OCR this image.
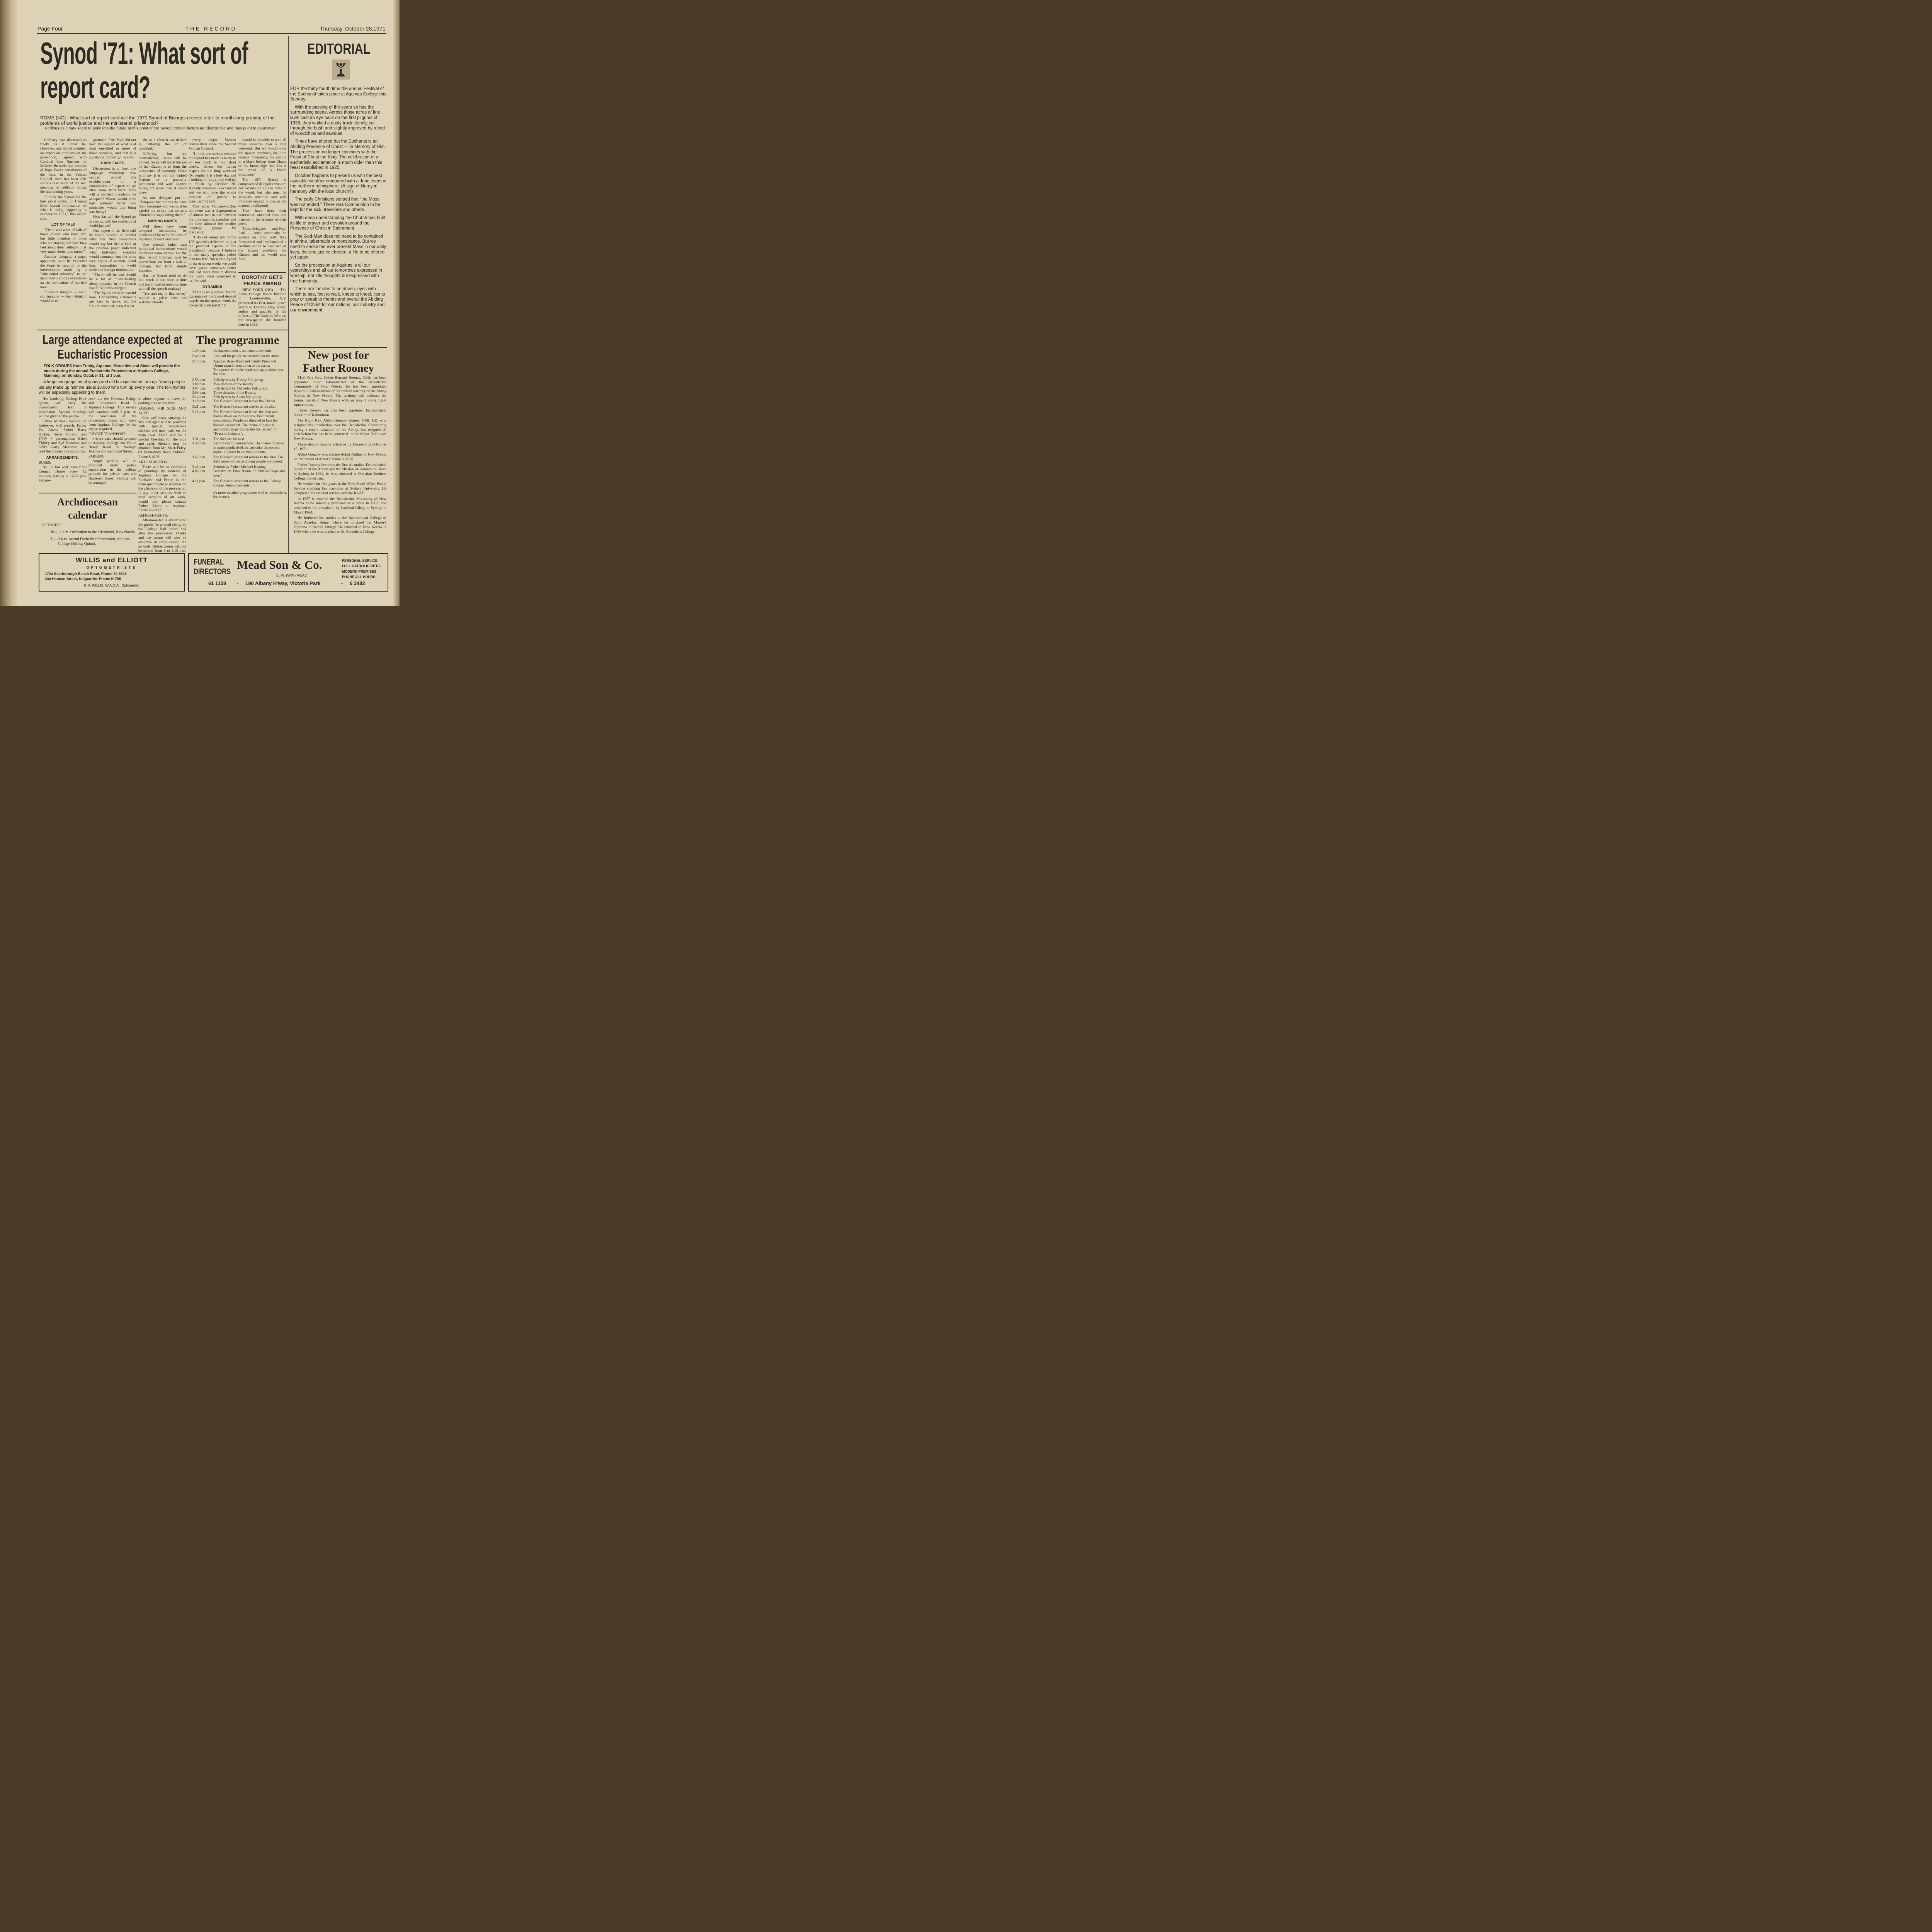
Page Four	THE RECORD	Thursday, October 28,1971
Synod '71: What sort of
report card?
ROME (NC) : What sort of report card will the 1971 Synod of Bishops receive after its month-long probing of the problems of world justice and the ministerial priesthood?
Perilous as it may seem to poke into the future at this point of the Synod, certain factors are discernible and may point to an answer.

Celibacy was discussed as freely as it could be. However, one Synod member, an expert on problems of the priesthood, agreed with Cardinal Leo Suenens of Malines-Brussels that because of Pope Paul's curtailment of the issue in the Vatican Council, there has been little serious discussion of the real meaning of celibacy during the intervening years.

"I think the Synod did the best job it could, but I found little factual information on what is really happening to celibacy in 1971," this expert said.

LOT OF TALK

"There was a lot of talk of those priests who have left, but little mention of those who are staying and how they feel about their celibacy. It is very much theirs, you know."

Another delegate, a papal appointee, said he expected the Pope to respond to the interventions made by a "substantial minority" to set up at least a study commission on the ordination of married men.

"I cannot imagine — well, can imagine — but I think it would be re-

grettable if the Pope did not heed the request of what is at least one-third or more of those speaking, and that is a substantial minority," he said.

HARD FACTS

Discussion in at least one language workshop was centred around the establishment of a commission of experts to go after some hard facts: How will a married priesthood be accepted? Where would it be best utilised? What new ministries would this bring into being?

How far will the Synod go in coping with the problems of world justice?

One expert in the field said he would hesitate to predict what the final resolutions would say but that a look at the position paper indicated what individual speakers would comment on: the arms race, rights of women, racial bias, inequalities of world trade and foreign domination.

"There will be and should be a lot of breast-beating about injustice in the Church itself," said this delegate.

"The Synod must be careful here. Hard-hitting statements are easy to make, but the Church must ask herself what

she as a Church can deliver in bettering the lot of mankind."

Differing, but not contradictory, issues will be voiced. Some will insist the job of the Church is to form the conscience of humanity. Other will say it is not the United Nations or a powerful parliament and warn against biting off more than it could chew.

As one delegate put it: "Temporal institutions do have their autonomy and we must be careful not to say that we as a Church are supplanting them."

NAMING NAMES

Will those very same temporal institutions be condemned by name for acts of injustice, present and past?

One synodal father said individual interventions would doubtless name names, but the final Synod findings must be above that, not from a lack of courage, but from simple logistics.

Has the Synod tried to do too much in too short a time and has it wasted precious time with all the speech-making?

"Yes and no, in that order," replied a priest who has watched closely

every major Vatican convocation since the Second Vatican Council.

"I think one serious mistake the Synod has made is to try to do too much in four short weeks. Given the Italian respect for the long weekend (November 1 is a holy day and a holiday in Italy), they will try to finish by October 30. Already, everyone is exhausted and we still have the whole problem of justice to consider," he said.

This same Vatican-watcher felt there was a disproportion of almost two to one between the time spent in speeches and the time allowed the smaller language groups for discussion.

"I do not resent any of the 125 speeches delivered on just the practical aspects of the priesthood, because I believe in too many speeches rather than too few. But with a Synod of six or seven weeks we could have paced ourselves better and had more time to discuss the many ideas proposed to us," he said.

DYNAMICS

There is no question that the dynamics of the Synod depend largely on the spoken word. As one participant put it: "It

would be possible to read all those speeches over a long weekend. But we would miss the spoken emphasis, the little nuance of urgency, the picture of a black bishop from Ghana or the knowledge that this is the mind of a Dutch missioner."

The 1971 Synod is composed of delegates who are not experts on all the evils in the world, but who must be seriously attentive and well informed enough to discuss the matters intelligently.

They have done their homework, attended class and listened to the lectures of their peers.

These delegates — and Pope Paul — must eventually be graded on how well they formulated and implemented a credible action to ease two of the largest problems the Church and the world now face.

DOROTHY GETS PEACE AWARD

NEW YORK (NC) — The Siena College Peace Institute in Londonsville, N.Y. presented its first annual peace award to Dorothy Day, editor, author and pacifist, at the offices of The Catholic Worker, the newspaper she founded here in 1933.

EDITORIAL

FOR the thirty-fourth time the annual Festival of the Eucharist takes place at Aquinas College this Sunday.

With the passing of the years so has the surrounding scene. Across those acres of fine lawn cast an eye back on the first pilgrims of 1938; they walked a dusty track literally cut through the bush and slightly improved by a bed of woodchips and sawdust.

Times have altered but the Eucharist is an Abiding Presence of Christ — in Memory of Him. The procession no longer coincides with the Feast of Christ the King. The celebration of a eucharistic acclamation is much older than this feast established in 1925.

October happens to present us with the best available weather compared with a June event in the northern hemisphere. (A sign of liturgy in harmony with the local church?)

The early Christians sensed that "the Mass was not ended." There was Communion to be kept for the sick, travellers and others.

With deep understanding the Church has built its life of prayer and devotion around the Presence of Christ in Sacrament.

The God-Man does not need to be contained in shrine, tabernacle or monstrance. But we need to sense the ever present Mass in our daily lives, the one just celebrated, a life to be offered yet again.

So the procession at Aquinas is all our yesterdays and all our tomorrows expressed in worship, not idle thoughts but expressed with true humanity.

There are families to be driven, eyes with which to see, feet to walk, knees to kneel, lips to pray or speak to friends and overall the Abiding Peace of Christ for our nations, our industry and our environment.

Large attendance expected at
Eucharistic Procession
FOLK GROUPS from Trinity, Aquinas, Mercedes and Siena will provide the music during the annual Eucharistic Procession at Aquinas College, Manning, on Sunday, October 31, at 3 p.m.
A large congregation of young and old is expected to turn up. Young people usually make up half the usual 10,000 who turn up every year. The folk hymns will be especially appealing to them.

His Lordship, Bishop Peter Quinn, will carry the consecrated Host in procession. Special blessings will be given to the people.

Father Michael Keating, of Cottesloe, will preach. Father Pat Ahern, Father Barry Hickey, Sister Goretti, and TVW 7 personalities Brien Thirley and Syd Donovan and 6PR's Garry Meadows will read the prayers and scriptures.

ARRANGEMENTS:
BUSES:

No. 36 bus will leave from Council House every 12 mniutes, starting at 12.40 p.m. and pro-

ceed via the Narrows Bridge and Labouchere Road to Aquinas College. This service will continue until 3 p.m. At the conclusion of the procession, buses will leave from Aquinas College for the city as required.

PRIVATE TRANSPORT:

Private cars should proceed to Aquinas College via Mount Henry Road or Welwyn Avenue and Redmond Street.

PARKING:

Ample parking will be provided under police supervision in the college grounds for private cars and chartered buses. Parking will be arranged

to allow anyone to leave the parking area at any time.

PARKING FOR SICK AND AGED:

Cars and buses carrying the sick and aged will be provided with special windscreen stickers and may park on the main oval. There will be a special blessing for the sick and aged. Stickers may be obtained from Mr. Mark Foley, 83 Heytesbury Road, Subiaco. Phone 8-4105.

ART EXHIBITION:

There will be an exhibition of paintings by students of Aquinas College on the Eucharist and Peace in the main quadrangle at Aquinas on the afternoon of the procession. If any other schools wish to send samples of art work, would they please contact Father Ahern at Aquinas. Phone 60-2112.

REFRESHMENTS:

Afternoon tea is available to the public for a small charge in the College Hall before and after the procession. Drinks and ice cream will also be available in stalls around the grounds. Refreshments will not be served from 3 to 4.15 p.m.

The programme
1.30 p.m.	Background music and announcements.
2.40 p.m.	Last call for people to assemble on the arena.
2.45 p.m.	Aquinas Brass Band and Trinity Pipes and Drums march from down to the arena. Trumpeters from the band take up position near the altar.
2.55 p.m.	Folk hymns by Trinity folk group.
3.00 p.m.	Two decades of the Rosary.
3.04 p.m.	Folk hymns by Mercedes folk group.
3.09 p.m.	Three decades of the Rosary.
3.14 p.m.	Folk hymns by Siena folk group.
3.18 p.m.	The Blessed Sacrament leaves the Chapel.
3.21 p.m.	The Blessed Sacrament arrives at the altar.
3.26 p.m.	The Blessed Sacrament leaves the altar and moves down on to the arena. First circuit commences. People are directed to face the blessed sacrament. The theme of peace is announced, in particular the first aspect of "Peace in Industry".
3.31 p.m.	The Sick are blessed.
3.36 p.m.	Second circuit commences. The theme of peace is again emphasised, in particular the second aspect of peace in the environment.
3.42 p.m.	The Blessed Sacrament returns to the altar. The third aspect of peace among people is stressed.
3.48 p.m.	Sermon by Father Michael Keating.
4.03 p.m.	Benediction. Final Hymn "In faith and hope and love."
4.11 p.m.	The Blessed Sacrament returns to the College Chapel. Announcements.
(A more detailed programme will be available at the venue).
New post for
Father Rooney

THE Very Rev. Father Bernard Rooney, OSB, has been appointed Prior Administrator of the Benedictine Community of New Norcia. He has been appointed Apostolic Administrator of the revised territory of the Abbey Nullius of New Norcia. The territory will embrace the former parish of New Norcia with an area of some 1,600 square miles.

Father Rooney has also been appointed Ecclesiastical Superior of Kalumburu.

The Right Rev. Abbot Gregory Gomez, OSB, DD, who resigned his jurisdiction over the Benedictine Community during a recent visitation of the Abbey, has resigned all jurisdiction but has been conferred titular Abbot Nullius of New Norcia.

These details became effective by Decree from October 15, 1971.

Abbot Gregory was elected Abbot Nullius of New Norcia on retirement of Abbot Catalan in 1950.

Father Rooney becomes the first Australian Ecclesiastical Superior of the Abbey and the Mission of Kalumburu. Born in Sydney in 1934, he was educated at Christian Brothers College, Lewisham.

He worked for five years in the New South Wales Public Service studying law part-time at Sydney University. He completed his national service with the RAAF.

In 1957 he entered the Benedictine Monastery of New Norcia to be solemnly professed as a monk in 1962, and ordained to the priesthood by Cardinal Gilroy in Sydney in March 1964.

He furthered his studies at the International College of Saint Anselm, Rome, where he obtained his Master's Diploma in Sacred Liturgy. He returned to New Norcia in 1968 where he was attached to St. Benedict's College.

Archdiocesan
calendar
OCTOBER:
30—11 a.m. Ordination to the priesthood, New Norcia.
31—3 p.m. Attend Eucharistic Procession, Aquinas College (Bishop Quinn).
WILLIS and ELLIOTT
OPTOMETRISTS
172a Scarborough Beach Road. Phone 24 3543
230 Hannan Street, Kalgoorlie. Phone K.795
R. F. WILLIS, W.A.O.A., Optometrist
FUNERAL
DIRECTORS
Mead Son & Co.
E. W. (WIN) MEAD
61 1158 - 190 Albany H'way, Victoria Park	- 6 3482
PERSONAL SERVICE
FULL CATHOLIC RITES
MODERN PREMISES
PHONE ALL HOURS:
